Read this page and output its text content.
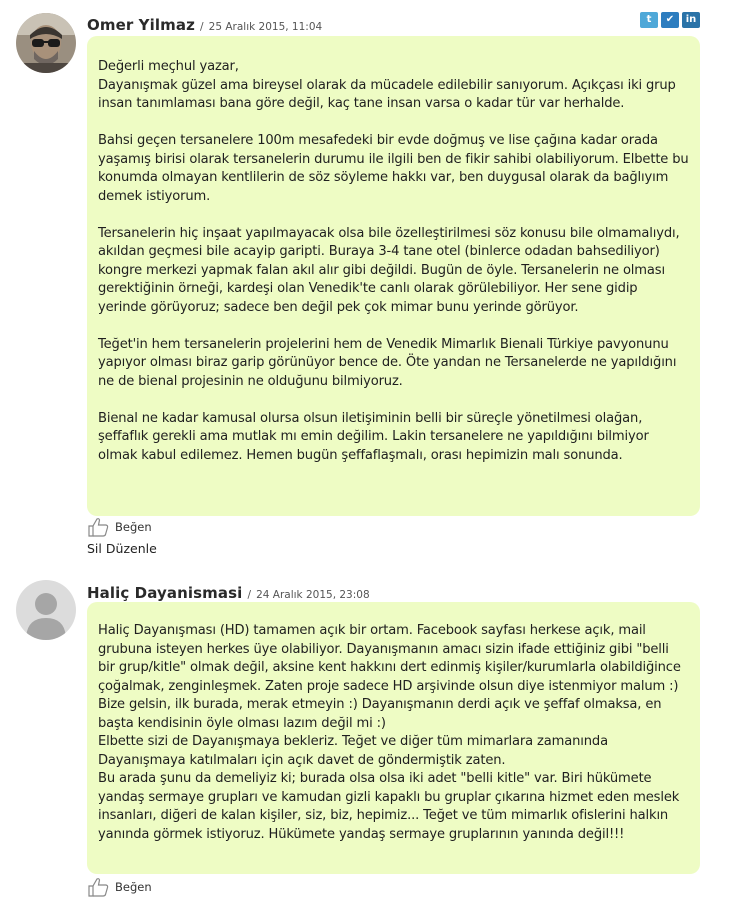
Omer Yilmaz / 25 Aralık 2015, 11:04
t	✔	in

Değerli meçhul yazar,
Dayanışmak güzel ama bireysel olarak da mücadele edilebilir sanıyorum. Açıkçası iki grup insan tanımlaması bana göre değil, kaç tane insan varsa o kadar tür var herhalde.

Bahsi geçen tersanelere 100m mesafedeki bir evde doğmuş ve lise çağına kadar orada yaşamış birisi olarak tersanelerin durumu ile ilgili ben de fikir sahibi olabiliyorum. Elbette bu konumda olmayan kentlilerin de söz söyleme hakkı var, ben duygusal olarak da bağlıyım demek istiyorum.

Tersanelerin hiç inşaat yapılmayacak olsa bile özelleştirilmesi söz konusu bile olmamalıydı, akıldan geçmesi bile acayip garipti. Buraya 3-4 tane otel (binlerce odadan bahsediliyor) kongre merkezi yapmak falan akıl alır gibi değildi. Bugün de öyle. Tersanelerin ne olması gerektiğinin örneği, kardeşi olan Venedik'te canlı olarak görülebiliyor. Her sene gidip yerinde görüyoruz; sadece ben değil pek çok mimar bunu yerinde görüyor.

Teğet'in hem tersanelerin projelerini hem de Venedik Mimarlık Bienali Türkiye pavyonunu yapıyor olması biraz garip görünüyor bence de. Öte yandan ne Tersanelerde ne yapıldığını ne de bienal projesinin ne olduğunu bilmiyoruz.

Bienal ne kadar kamusal olursa olsun iletişiminin belli bir süreçle yönetilmesi olağan, şeffaflık gerekli ama mutlak mı emin değilim. Lakin tersanelere ne yapıldığını bilmiyor olmak kabul edilemez. Hemen bugün şeffaflaşmalı, orası hepimizin malı sonunda.

Beğen
Sil Düzenle
Haliç Dayanismasi / 24 Aralık 2015, 23:08

Haliç Dayanışması (HD) tamamen açık bir ortam. Facebook sayfası herkese açık, mail grubuna isteyen herkes üye olabiliyor. Dayanışmanın amacı sizin ifade ettiğiniz gibi "belli bir grup/kitle" olmak değil, aksine kent hakkını dert edinmiş kişiler/kurumlarla olabildiğince çoğalmak, zenginleşmek. Zaten proje sadece HD arşivinde olsun diye istenmiyor malum :) Bize gelsin, ilk burada, merak etmeyin :) Dayanışmanın derdi açık ve şeffaf olmaksa, en başta kendisinin öyle olması lazım değil mi :)

Elbette sizi de Dayanışmaya bekleriz. Teğet ve diğer tüm mimarlara zamanında Dayanışmaya katılmaları için açık davet de göndermiştik zaten.

Bu arada şunu da demeliyiz ki; burada olsa olsa iki adet "belli kitle" var. Biri hükümete yandaş sermaye grupları ve kamudan gizli kapaklı bu gruplar çıkarına hizmet eden meslek insanları, diğeri de kalan kişiler, siz, biz, hepimiz... Teğet ve tüm mimarlık ofislerini halkın yanında görmek istiyoruz. Hükümete yandaş sermaye gruplarının yanında değil!!!

Beğen
